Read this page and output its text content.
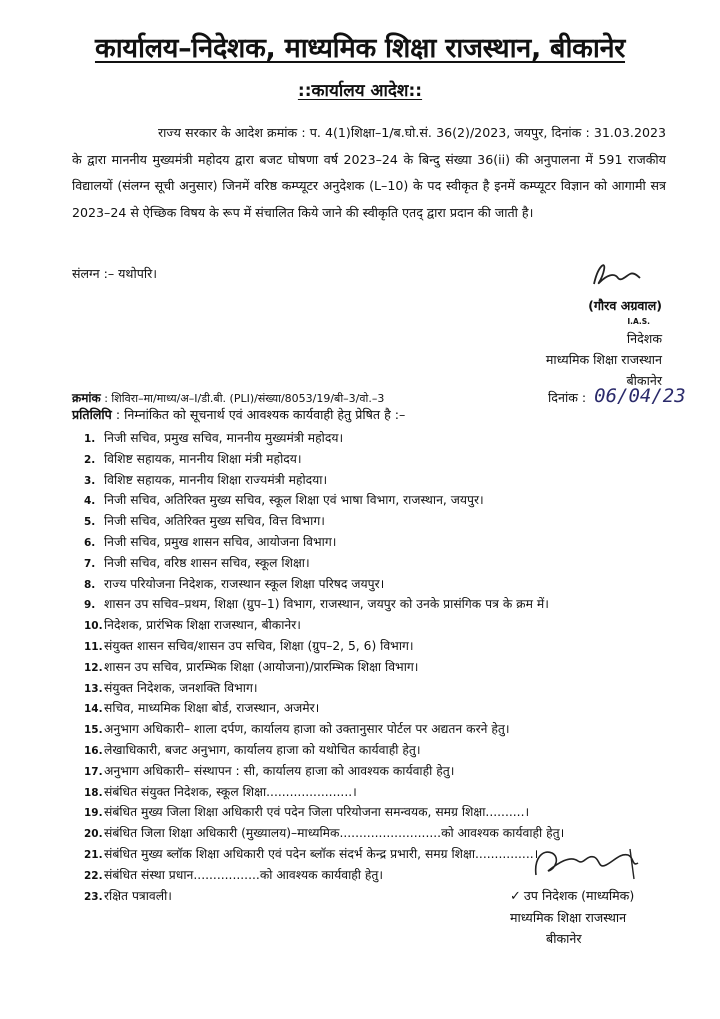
कार्यालय–निदेशक, माध्यमिक शिक्षा राजस्थान, बीकानेर
::कार्यालय आदेश::
राज्य सरकार के आदेश क्रमांक : प. 4(1)शिक्षा–1/ब.घो.सं. 36(2)/2023, जयपुर, दिनांक : 31.03.2023 के द्वारा माननीय मुख्यमंत्री महोदय द्वारा बजट घोषणा वर्ष 2023–24 के बिन्दु संख्या 36(ii) की अनुपालना में 591 राजकीय विद्यालयों (संलग्न सूची अनुसार) जिनमें वरिष्ठ कम्प्यूटर अनुदेशक (L–10) के पद स्वीकृत है इनमें कम्प्यूटर विज्ञान को आगामी सत्र 2023–24 से ऐच्छिक विषय के रूप में संचालित किये जाने की स्वीकृति एतद् द्वारा प्रदान की जाती है।
संलग्न :– यथोपरि।
(गौरव अग्रवाल)
I.A.S.
निदेशक
माध्यमिक शिक्षा राजस्थान
बीकानेर
क्रमांक : शिविरा–मा/माध्य/अ–I/डी.बी. (PLI)/संख्या/8053/19/बी–3/वो.–3	दिनांक : 06/04/23
प्रतिलिपि : निम्नांकित को सूचनार्थ एवं आवश्यक कार्यवाही हेतु प्रेषित है :–
1. निजी सचिव, प्रमुख सचिव, माननीय मुख्यमंत्री महोदय।
2. विशिष्ट सहायक, माननीय शिक्षा मंत्री महोदय।
3. विशिष्ट सहायक, माननीय शिक्षा राज्यमंत्री महोदया।
4. निजी सचिव, अतिरिक्त मुख्य सचिव, स्कूल शिक्षा एवं भाषा विभाग, राजस्थान, जयपुर।
5. निजी सचिव, अतिरिक्त मुख्य सचिव, वित्त विभाग।
6. निजी सचिव, प्रमुख शासन सचिव, आयोजना विभाग।
7. निजी सचिव, वरिष्ठ शासन सचिव, स्कूल शिक्षा।
8. राज्य परियोजना निदेशक, राजस्थान स्कूल शिक्षा परिषद जयपुर।
9. शासन उप सचिव–प्रथम, शिक्षा (ग्रुप–1) विभाग, राजस्थान, जयपुर को उनके प्रासंगिक पत्र के क्रम में।
10.निदेशक, प्रारंभिक शिक्षा राजस्थान, बीकानेर।
11.संयुक्त शासन सचिव/शासन उप सचिव, शिक्षा (ग्रुप–2, 5, 6) विभाग।
12.शासन उप सचिव, प्रारम्भिक शिक्षा (आयोजना)/प्रारम्भिक शिक्षा विभाग।
13.संयुक्त निदेशक, जनशक्ति विभाग।
14.सचिव, माध्यमिक शिक्षा बोर्ड, राजस्थान, अजमेर।
15.अनुभाग अधिकारी– शाला दर्पण, कार्यालय हाजा को उक्तानुसार पोर्टल पर अद्यतन करने हेतु।
16.लेखाधिकारी, बजट अनुभाग, कार्यालय हाजा को यथोचित कार्यवाही हेतु।
17.अनुभाग अधिकारी– संस्थापन : सी, कार्यालय हाजा को आवश्यक कार्यवाही हेतु।
18.संबंधित संयुक्त निदेशक, स्कूल शिक्षा......................।
19.संबंधित मुख्य जिला शिक्षा अधिकारी एवं पदेन जिला परियोजना समन्वयक, समग्र शिक्षा..........।
20.संबंधित जिला शिक्षा अधिकारी (मुख्यालय)–माध्यमिक..........................को आवश्यक कार्यवाही हेतु।
21.संबंधित मुख्य ब्लॉक शिक्षा अधिकारी एवं पदेन ब्लॉक संदर्भ केन्द्र प्रभारी, समग्र शिक्षा...............।
22.संबंधित संस्था प्रधान.................को आवश्यक कार्यवाही हेतु।
23.रक्षित पत्रावली।	✓ उप निदेशक (माध्यमिक)
माध्यमिक शिक्षा राजस्थान
बीकानेर
